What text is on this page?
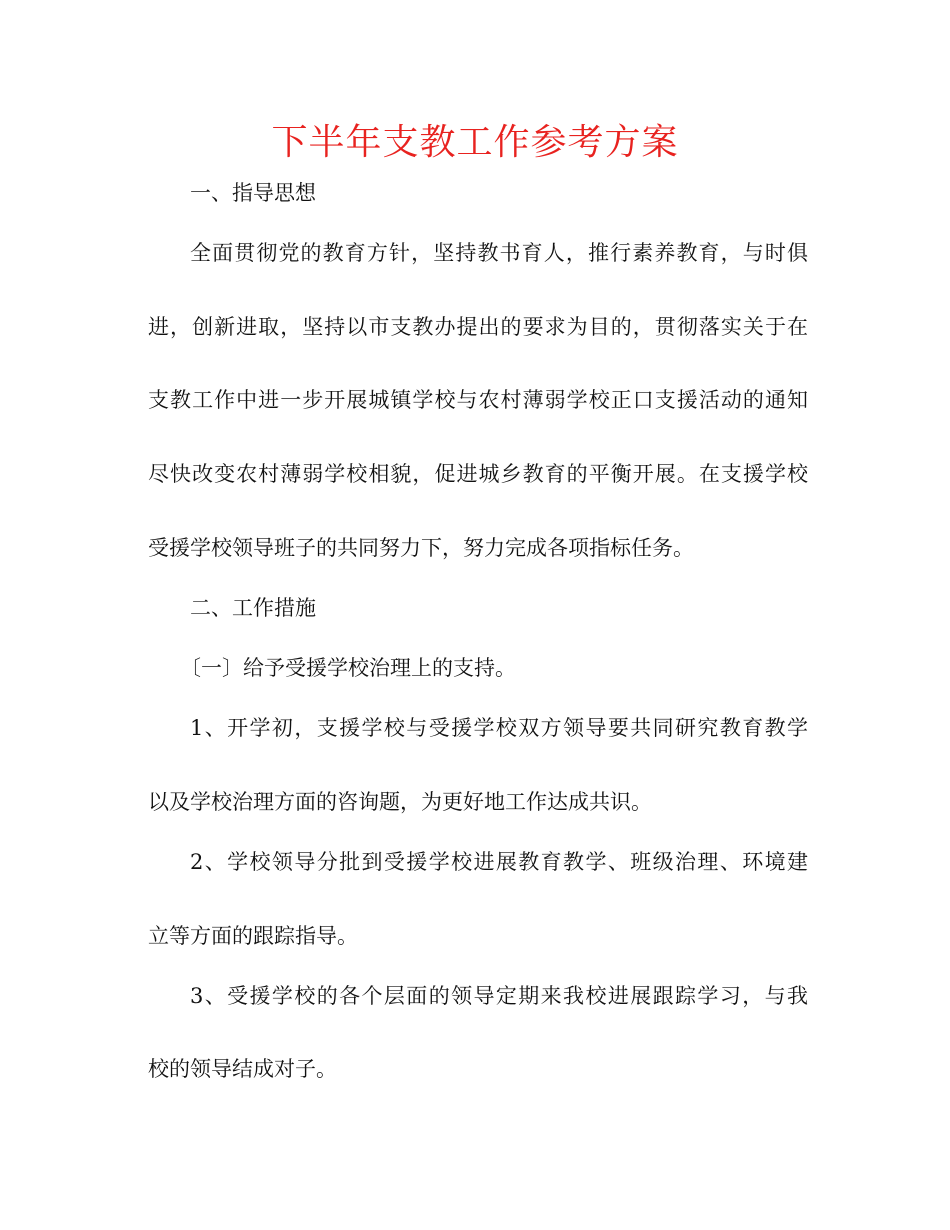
下半年支教工作参考方案
一、指导思想
全面贯彻党的教育方针，坚持教书育人，推行素养教育，与时俱
进，创新进取，坚持以市支教办提出的要求为目的，贯彻落实关于在
支教工作中进一步开展城镇学校与农村薄弱学校正口支援活动的通知
尽快改变农村薄弱学校相貌，促进城乡教育的平衡开展。在支援学校
受援学校领导班子的共同努力下，努力完成各项指标任务。
二、工作措施
〔一〕给予受援学校治理上的支持。
1、开学初，支援学校与受援学校双方领导要共同研究教育教学
以及学校治理方面的咨询题，为更好地工作达成共识。
2、学校领导分批到受援学校进展教育教学、班级治理、环境建
立等方面的跟踪指导。
3、受援学校的各个层面的领导定期来我校进展跟踪学习，与我
校的领导结成对子。
